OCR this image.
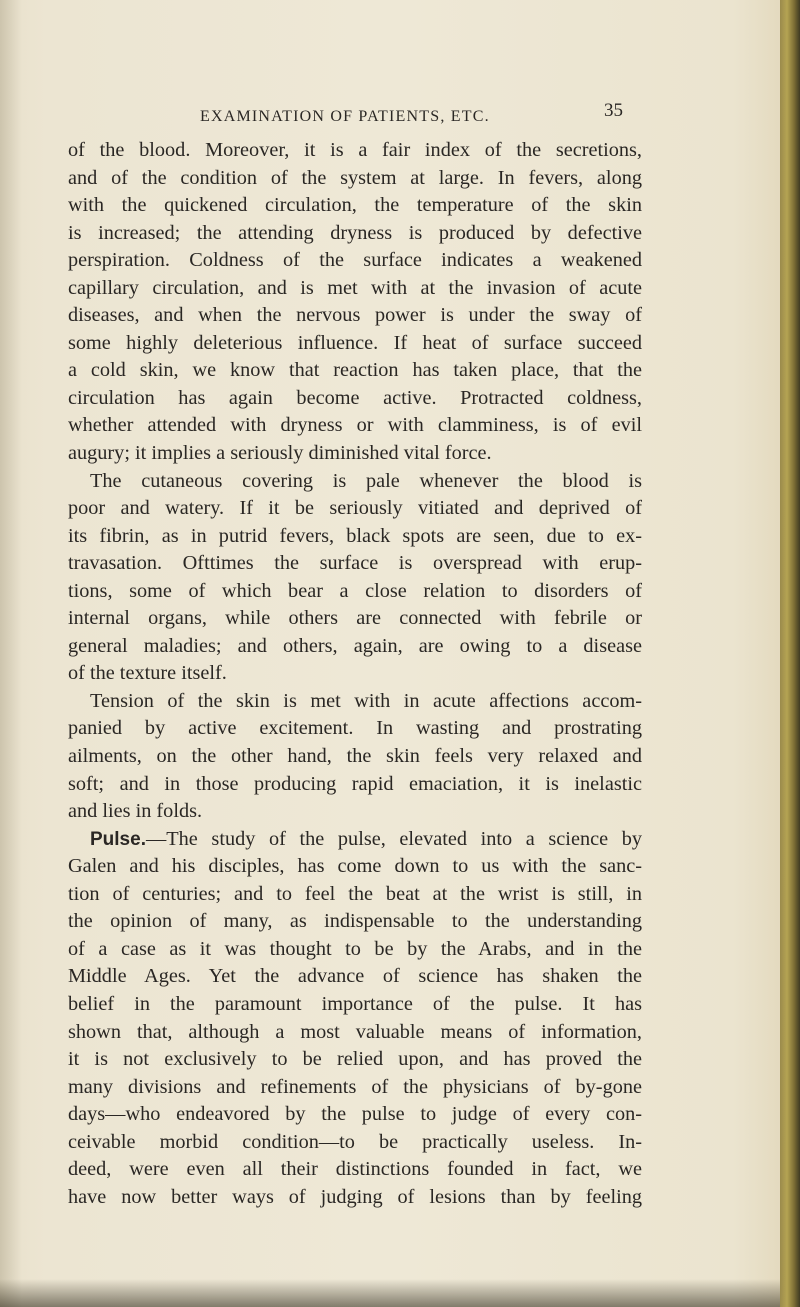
EXAMINATION OF PATIENTS, ETC.	35
of the blood. Moreover, it is a fair index of the secretions,
and of the condition of the system at large. In fevers, along
with the quickened circulation, the temperature of the skin
is increased; the attending dryness is produced by defective
perspiration. Coldness of the surface indicates a weakened
capillary circulation, and is met with at the invasion of acute
diseases, and when the nervous power is under the sway of
some highly deleterious influence. If heat of surface succeed
a cold skin, we know that reaction has taken place, that the
circulation has again become active. Protracted coldness,
whether attended with dryness or with clamminess, is of evil
augury; it implies a seriously diminished vital force.
The cutaneous covering is pale whenever the blood is
poor and watery. If it be seriously vitiated and deprived of
its fibrin, as in putrid fevers, black spots are seen, due to ex-
travasation. Ofttimes the surface is overspread with erup-
tions, some of which bear a close relation to disorders of
internal organs, while others are connected with febrile or
general maladies; and others, again, are owing to a disease
of the texture itself.
Tension of the skin is met with in acute affections accom-
panied by active excitement. In wasting and prostrating
ailments, on the other hand, the skin feels very relaxed and
soft; and in those producing rapid emaciation, it is inelastic
and lies in folds.
Pulse.—The study of the pulse, elevated into a science by
Galen and his disciples, has come down to us with the sanc-
tion of centuries; and to feel the beat at the wrist is still, in
the opinion of many, as indispensable to the understanding
of a case as it was thought to be by the Arabs, and in the
Middle Ages. Yet the advance of science has shaken the
belief in the paramount importance of the pulse. It has
shown that, although a most valuable means of information,
it is not exclusively to be relied upon, and has proved the
many divisions and refinements of the physicians of by-gone
days—who endeavored by the pulse to judge of every con-
ceivable morbid condition—to be practically useless. In-
deed, were even all their distinctions founded in fact, we
have now better ways of judging of lesions than by feeling
